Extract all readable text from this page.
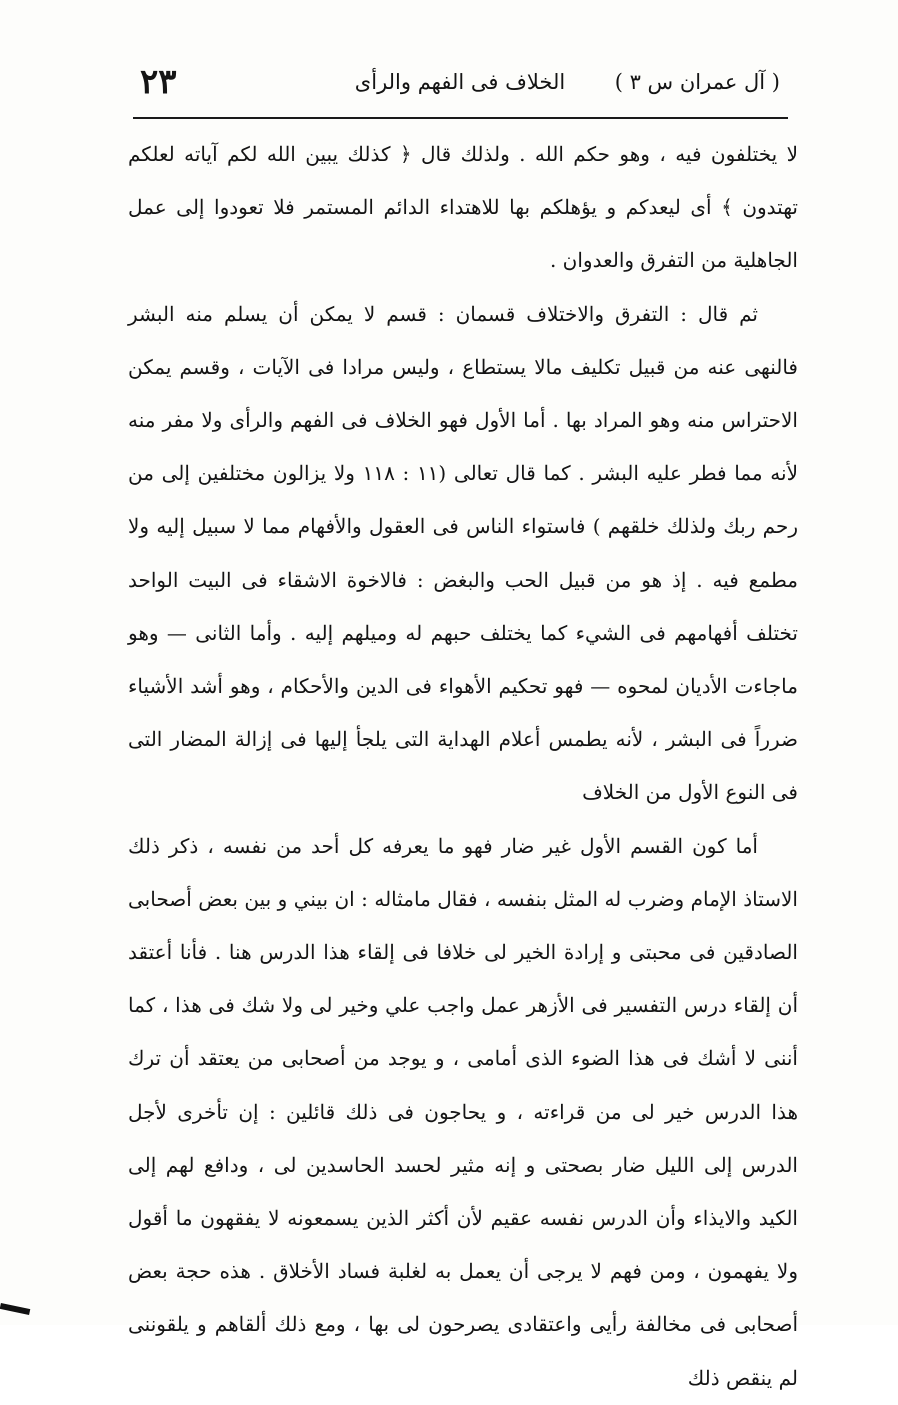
( آل عمران س ٣ )
الخلاف فى الفهم والرأى
٢٣

لا يختلفون فيه ، وهو حكم الله . ولذلك قال ﴿ كذلك يبين الله لكم آياته لعلكم تهتدون ﴾ أى ليعدكم و يؤهلكم بها للاهتداء الدائم المستمر فلا تعودوا إلى عمل الجاهلية من التفرق والعدوان .

ثم قال : التفرق والاختلاف قسمان : قسم لا يمكن أن يسلم منه البشر فالنهى عنه من قبيل تكليف مالا يستطاع ، وليس مرادا فى الآيات ، وقسم يمكن الاحتراس منه وهو المراد بها . أما الأول فهو الخلاف فى الفهم والرأى ولا مفر منه لأنه مما فطر عليه البشر . كما قال تعالى (١١ : ١١٨ ولا يزالون مختلفين إلى من رحم ربك ولذلك خلقهم ) فاستواء الناس فى العقول والأفهام مما لا سبيل إليه ولا مطمع فيه . إذ هو من قبيل الحب والبغض : فالاخوة الاشقاء فى البيت الواحد تختلف أفهامهم فى الشيء كما يختلف حبهم له وميلهم إليه . وأما الثانى — وهو ماجاءت الأديان لمحوه — فهو تحكيم الأهواء فى الدين والأحكام ، وهو أشد الأشياء ضرراً فى البشر ، لأنه يطمس أعلام الهداية التى يلجأ إليها فى إزالة المضار التى فى النوع الأول من الخلاف

أما كون القسم الأول غير ضار فهو ما يعرفه كل أحد من نفسه ، ذكر ذلك الاستاذ الإمام وضرب له المثل بنفسه ، فقال مامثاله : ان بيني و بين بعض أصحابى الصادقين فى محبتى و إرادة الخير لى خلافا فى إلقاء هذا الدرس هنا . فأنا أعتقد أن إلقاء درس التفسير فى الأزهر عمل واجب علي وخير لى ولا شك فى هذا ، كما أننى لا أشك فى هذا الضوء الذى أمامى ، و يوجد من أصحابى من يعتقد أن ترك هذا الدرس خير لى من قراءته ، و يحاجون فى ذلك قائلين : إن تأخرى لأجل الدرس إلى الليل ضار بصحتى و إنه مثير لحسد الحاسدين لى ، ودافع لهم إلى الكيد والايذاء وأن الدرس نفسه عقيم لأن أكثر الذين يسمعونه لا يفقهون ما أقول ولا يفهمون ، ومن فهم لا يرجى أن يعمل به لغلبة فساد الأخلاق . هذه حجة بعض أصحابى فى مخالفة رأيى واعتقادى يصرحون لى بها ، ومع ذلك ألقاهم و يلقوننى لم ينقص ذلك
